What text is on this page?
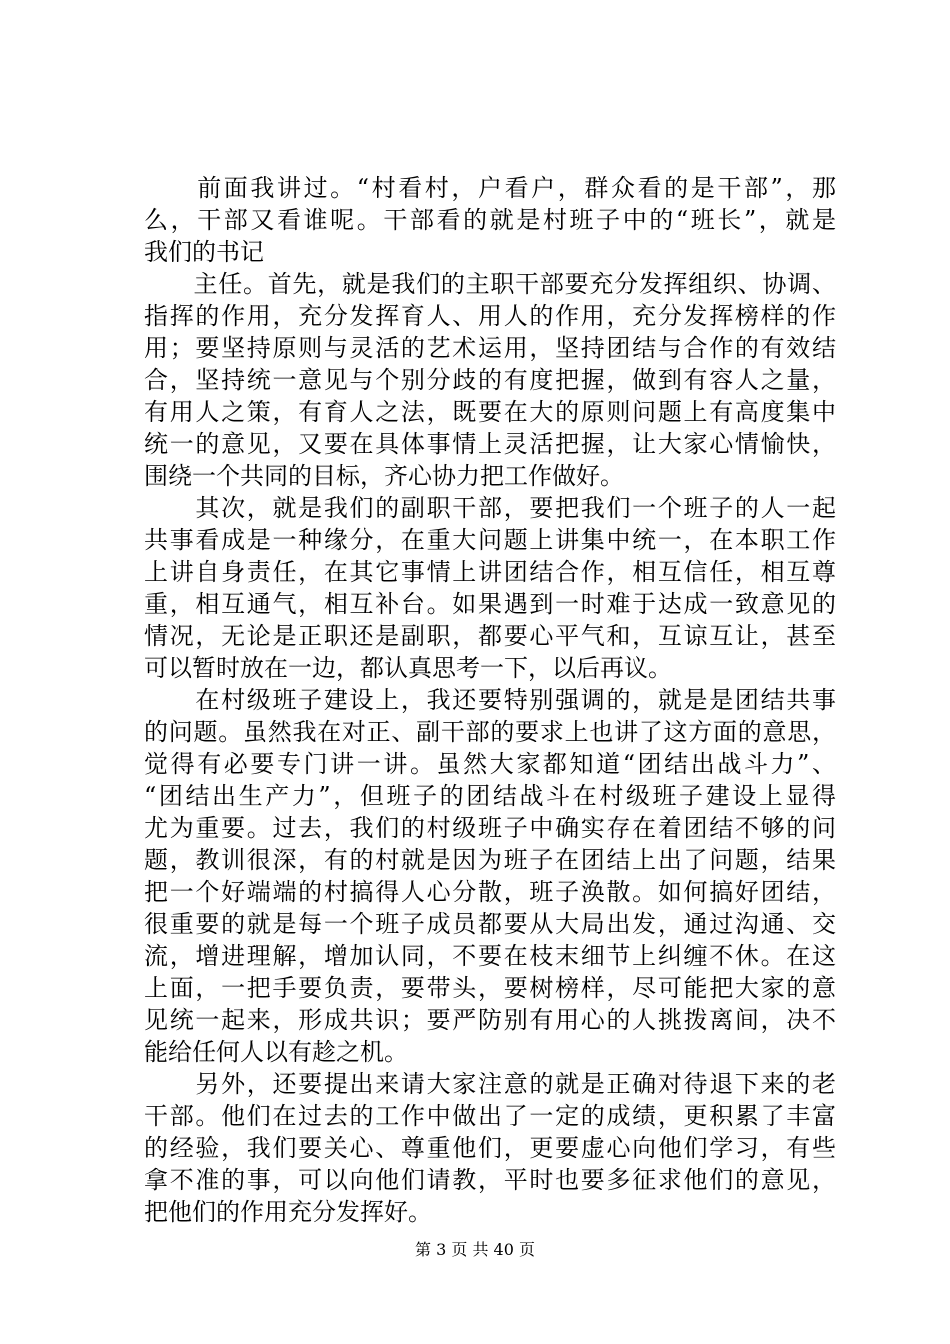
　　前面我讲过。“村看村，户看户，群众看的是干部”，那
么，干部又看谁呢。干部看的就是村班子中的“班长”，就是
我们的书记
　　主任。首先，就是我们的主职干部要充分发挥组织、协调、
指挥的作用，充分发挥育人、用人的作用，充分发挥榜样的作
用；要坚持原则与灵活的艺术运用，坚持团结与合作的有效结
合，坚持统一意见与个别分歧的有度把握，做到有容人之量，
有用人之策，有育人之法，既要在大的原则问题上有高度集中
统一的意见，又要在具体事情上灵活把握，让大家心情愉快，
围绕一个共同的目标，齐心协力把工作做好。
　　其次，就是我们的副职干部，要把我们一个班子的人一起
共事看成是一种缘分，在重大问题上讲集中统一，在本职工作
上讲自身责任，在其它事情上讲团结合作，相互信任，相互尊
重，相互通气，相互补台。如果遇到一时难于达成一致意见的
情况，无论是正职还是副职，都要心平气和，互谅互让，甚至
可以暂时放在一边，都认真思考一下，以后再议。
　　在村级班子建设上，我还要特别强调的，就是是团结共事
的问题。虽然我在对正、副干部的要求上也讲了这方面的意思，
觉得有必要专门讲一讲。虽然大家都知道“团结出战斗力”、
“团结出生产力”，但班子的团结战斗在村级班子建设上显得
尤为重要。过去，我们的村级班子中确实存在着团结不够的问
题，教训很深，有的村就是因为班子在团结上出了问题，结果
把一个好端端的村搞得人心分散，班子涣散。如何搞好团结，
很重要的就是每一个班子成员都要从大局出发，通过沟通、交
流，增进理解，增加认同，不要在枝末细节上纠缠不休。在这
上面，一把手要负责，要带头，要树榜样，尽可能把大家的意
见统一起来，形成共识；要严防别有用心的人挑拨离间，决不
能给任何人以有趁之机。
　　另外，还要提出来请大家注意的就是正确对待退下来的老
干部。他们在过去的工作中做出了一定的成绩，更积累了丰富
的经验，我们要关心、尊重他们，更要虚心向他们学习，有些
拿不准的事，可以向他们请教，平时也要多征求他们的意见，
把他们的作用充分发挥好。
第 3 页 共 40 页
